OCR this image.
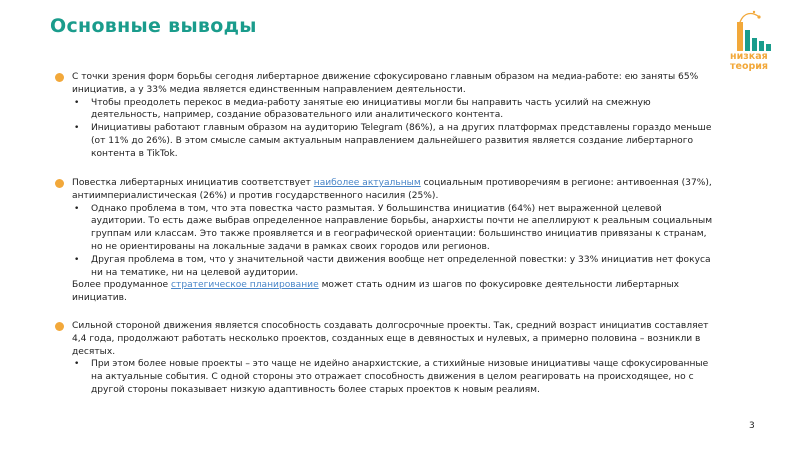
Основные выводы
низкая
теория

С точки зрения форм борьбы сегодня либертарное движение сфокусировано главным образом на медиа-работе: ею заняты 65% инициатив, а у 33% медиа является единственным направлением деятельности.

• Чтобы преодолеть перекос в медиа-работу занятые ею инициативы могли бы направить часть усилий на смежную деятельность, например, создание образовательного или аналитического контента.
• Инициативы работают главным образом на аудиторию Telegram (86%), а на других платформах представлены гораздо меньше (от 11% до 26%). В этом смысле самым актуальным направлением дальнейшего развития является создание либертарного контента в TikTok.

Повестка либертарных инициатив соответствует наиболее актуальным социальным противоречиям в регионе: антивоенная (37%), антиимпериалистическая (26%) и против государственного насилия (25%).

• Однако проблема в том, что эта повестка часто размытая. У большинства инициатив (64%) нет выраженной целевой аудитории. То есть даже выбрав определенное направление борьбы, анархисты почти не апеллируют к реальным социальным группам или классам. Это также проявляется и в географической ориентации: большинство инициатив привязаны к странам, но не ориентированы на локальные задачи в рамках своих городов или регионов.
• Другая проблема в том, что у значительной части движения вообще нет определенной повестки: у 33% инициатив нет фокуса ни на тематике, ни на целевой аудитории.

Более продуманное стратегическое планирование может стать одним из шагов по фокусировке деятельности либертарных инициатив.

Сильной стороной движения является способность создавать долгосрочные проекты. Так, средний возраст инициатив составляет 4,4 года, продолжают работать несколько проектов, созданных еще в девяностых и нулевых, а примерно половина – возникли в десятых.

• При этом более новые проекты – это чаще не идейно анархистские, а стихийные низовые инициативы чаще сфокусированные на актуальные события. С одной стороны это отражает способность движения в целом реагировать на происходящее, но с другой стороны показывает низкую адаптивность более старых проектов к новым реалиям.
3
